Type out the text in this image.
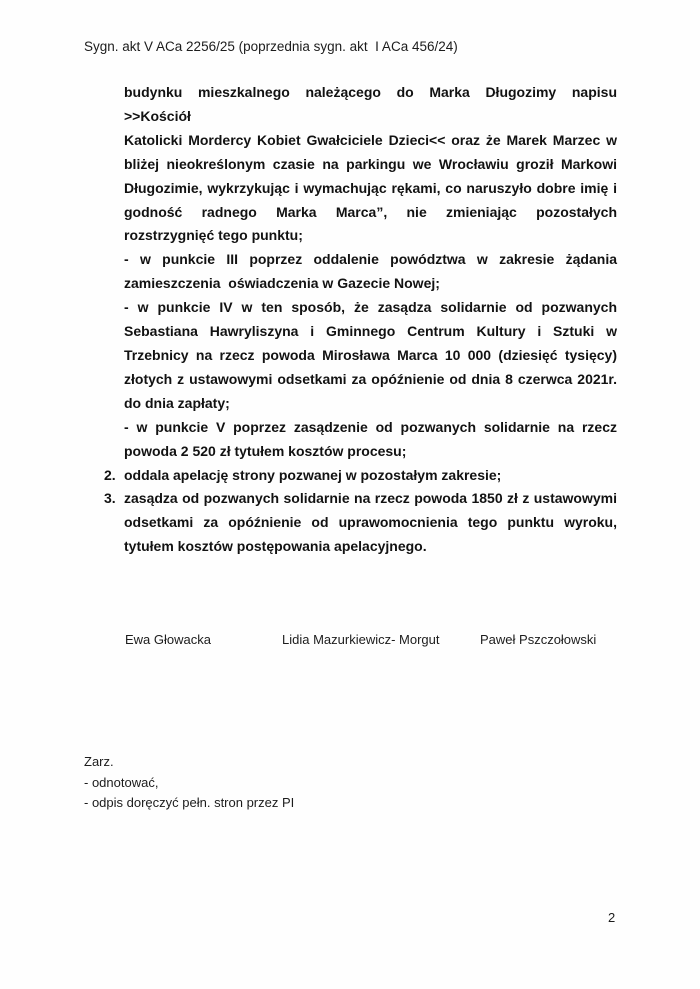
Sygn. akt V ACa 2256/25 (poprzednia sygn. akt  I ACa 456/24)
budynku mieszkalnego należącego do Marka Długozimy napisu >>Kościół
Katolicki Mordercy Kobiet Gwałciciele Dzieci<< oraz że Marek Marzec w
bliżej nieokreślonym czasie na parkingu we Wrocławiu groził Markowi
Długozimie, wykrzykując i wymachując rękami, co naruszyło dobre imię i
godność radnego Marka Marca”, nie zmieniając pozostałych
rozstrzygnięć tego punktu;
- w punkcie III poprzez oddalenie powództwa w zakresie żądania
zamieszczenia  oświadczenia w Gazecie Nowej;
- w punkcie IV w ten sposób, że zasądza solidarnie od pozwanych
Sebastiana Hawryliszyna i Gminnego Centrum Kultury i Sztuki w
Trzebnicy na rzecz powoda Mirosława Marca 10 000 (dziesięć tysięcy)
złotych z ustawowymi odsetkami za opóźnienie od dnia 8 czerwca 2021r.
do dnia zapłaty;
- w punkcie V poprzez zasądzenie od pozwanych solidarnie na rzecz
powoda 2 520 zł tytułem kosztów procesu;
2. oddala apelację strony pozwanej w pozostałym zakresie;
3. zasądza od pozwanych solidarnie na rzecz powoda 1850 zł z ustawowymi
odsetkami za opóźnienie od uprawomocnienia tego punktu wyroku,
tytułem kosztów postępowania apelacyjnego.
Ewa Głowacka	Lidia Mazurkiewicz- Morgut	Paweł Pszczołowski
Zarz.
- odnotować,
- odpis doręczyć pełn. stron przez PI
2
